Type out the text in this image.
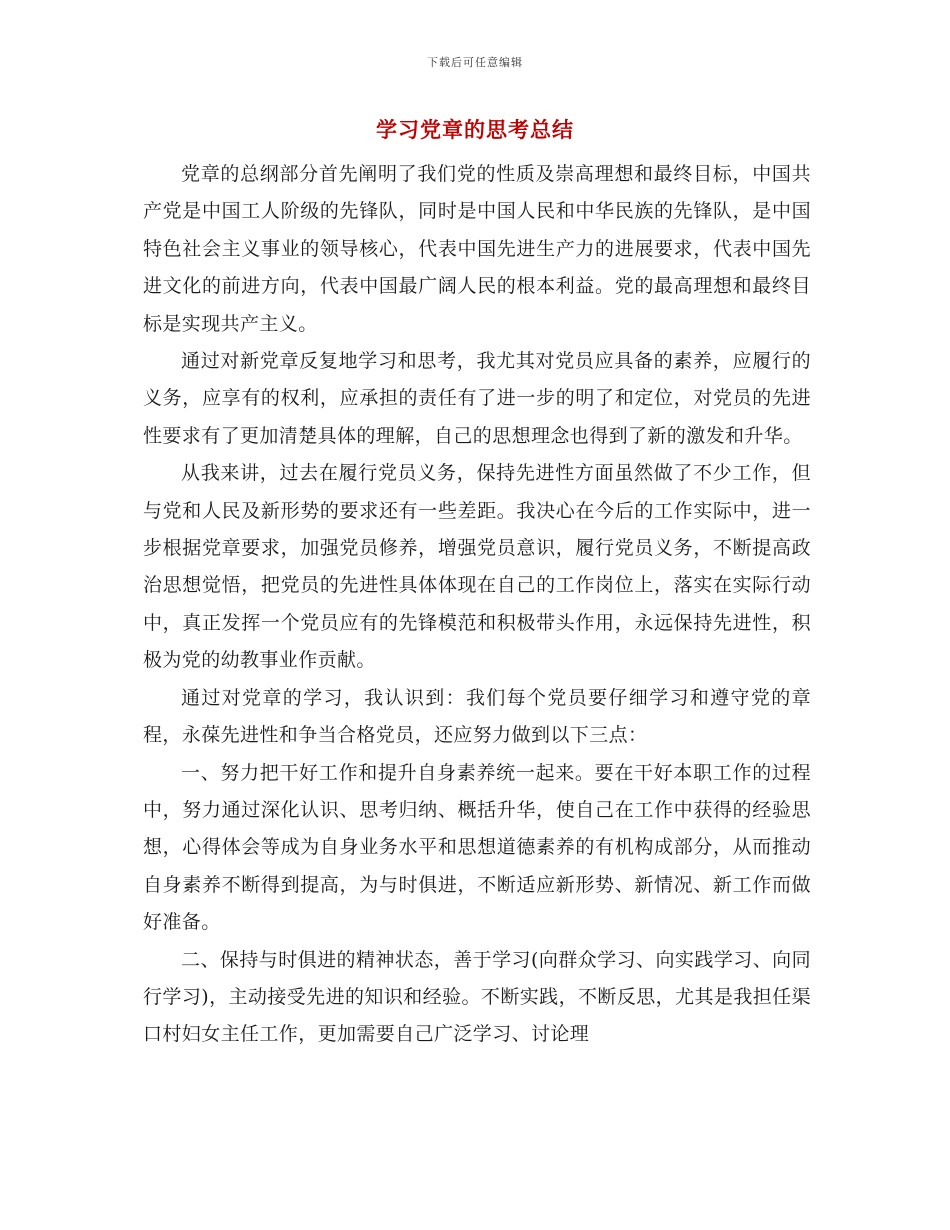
下载后可任意编辑
学习党章的思考总结

党章的总纲部分首先阐明了我们党的性质及崇高理想和最终目标，中国共产党是中国工人阶级的先锋队，同时是中国人民和中华民族的先锋队，是中国特色社会主义事业的领导核心，代表中国先进生产力的进展要求，代表中国先进文化的前进方向，代表中国最广阔人民的根本利益。党的最高理想和最终目标是实现共产主义。

通过对新党章反复地学习和思考，我尤其对党员应具备的素养，应履行的义务，应享有的权利，应承担的责任有了进一步的明了和定位，对党员的先进性要求有了更加清楚具体的理解，自己的思想理念也得到了新的激发和升华。

从我来讲，过去在履行党员义务，保持先进性方面虽然做了不少工作，但与党和人民及新形势的要求还有一些差距。我决心在今后的工作实际中，进一步根据党章要求，加强党员修养，增强党员意识，履行党员义务，不断提高政治思想觉悟，把党员的先进性具体体现在自己的工作岗位上，落实在实际行动中，真正发挥一个党员应有的先锋模范和积极带头作用，永远保持先进性，积极为党的幼教事业作贡献。

通过对党章的学习，我认识到：我们每个党员要仔细学习和遵守党的章程，永葆先进性和争当合格党员，还应努力做到以下三点：

一、努力把干好工作和提升自身素养统一起来。要在干好本职工作的过程中，努力通过深化认识、思考归纳、概括升华，使自己在工作中获得的经验思想，心得体会等成为自身业务水平和思想道德素养的有机构成部分，从而推动自身素养不断得到提高，为与时俱进，不断适应新形势、新情况、新工作而做好准备。

二、保持与时俱进的精神状态，善于学习(向群众学习、向实践学习、向同行学习)，主动接受先进的知识和经验。不断实践，不断反思，尤其是我担任渠口村妇女主任工作，更加需要自己广泛学习、讨论理
